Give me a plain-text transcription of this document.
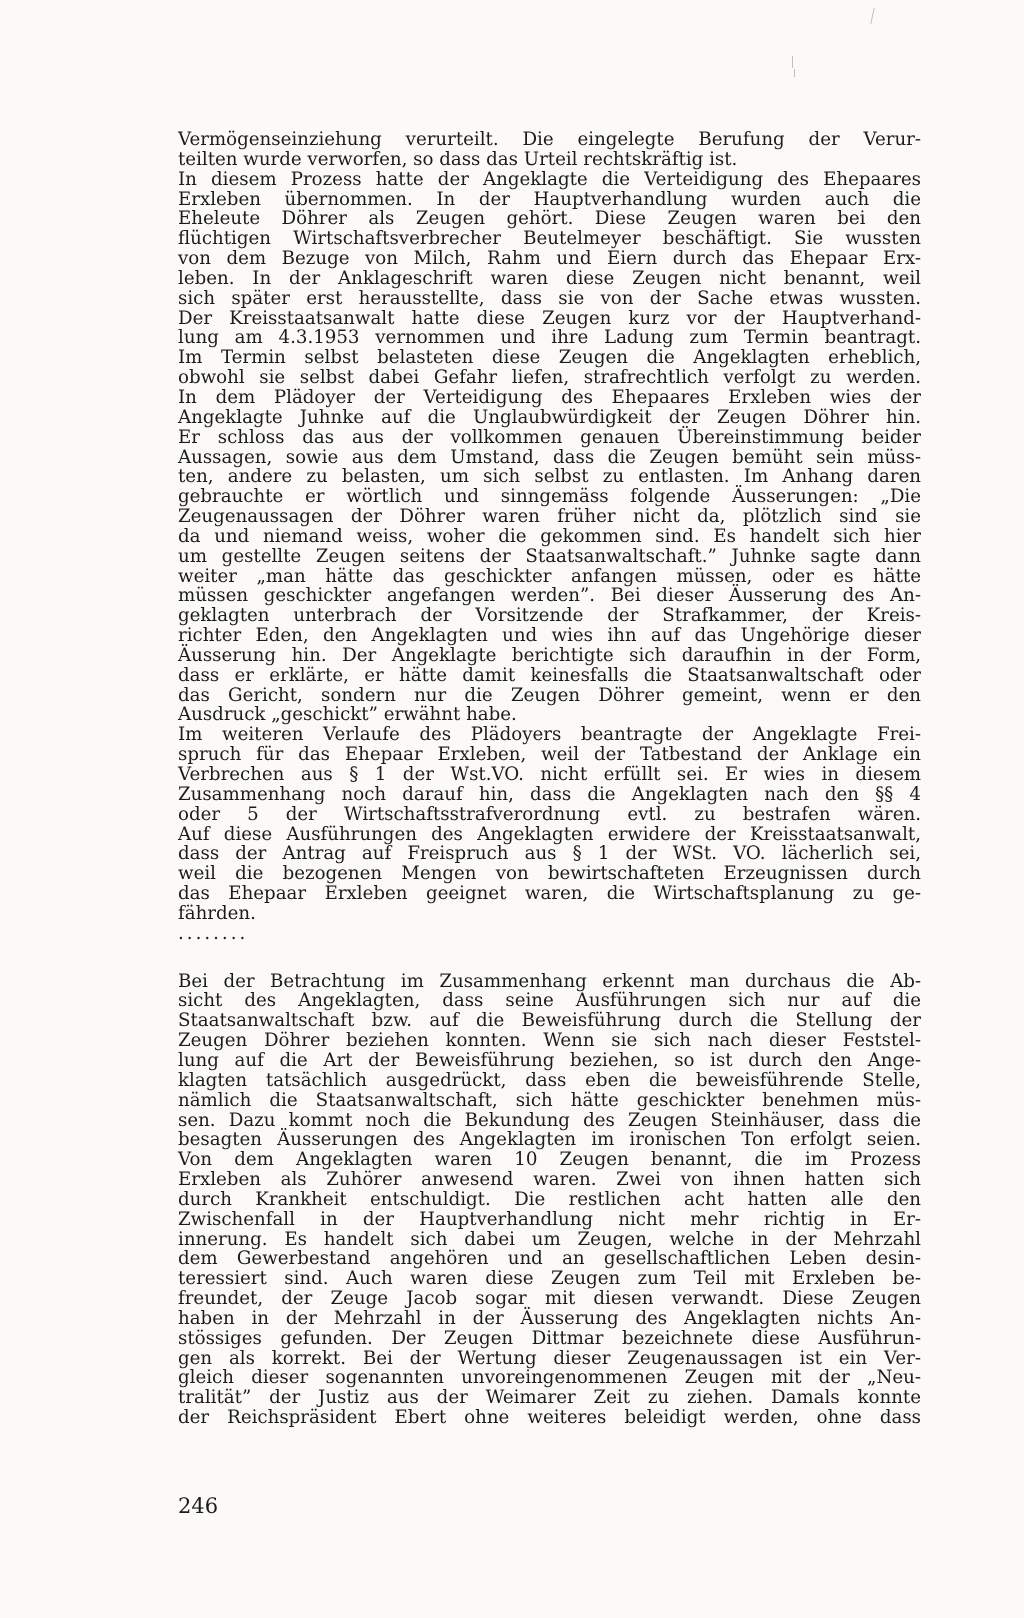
Vermögenseinziehung verurteilt. Die eingelegte Berufung der Verur-
teilten wurde verworfen, so dass das Urteil rechtskräftig ist.
In diesem Prozess hatte der Angeklagte die Verteidigung des Ehepaares
Erxleben übernommen. In der Hauptverhandlung wurden auch die
Eheleute Döhrer als Zeugen gehört. Diese Zeugen waren bei den
flüchtigen Wirtschaftsverbrecher Beutelmeyer beschäftigt. Sie wussten
von dem Bezuge von Milch, Rahm und Eiern durch das Ehepaar Erx-
leben. In der Anklageschrift waren diese Zeugen nicht benannt, weil
sich später erst herausstellte, dass sie von der Sache etwas wussten.
Der Kreisstaatsanwalt hatte diese Zeugen kurz vor der Hauptverhand-
lung am 4.3.1953 vernommen und ihre Ladung zum Termin beantragt.
Im Termin selbst belasteten diese Zeugen die Angeklagten erheblich,
obwohl sie selbst dabei Gefahr liefen, strafrechtlich verfolgt zu werden.
In dem Plädoyer der Verteidigung des Ehepaares Erxleben wies der
Angeklagte Juhnke auf die Unglaubwürdigkeit der Zeugen Döhrer hin.
Er schloss das aus der vollkommen genauen Übereinstimmung beider
Aussagen, sowie aus dem Umstand, dass die Zeugen bemüht sein müss-
ten, andere zu belasten, um sich selbst zu entlasten. Im Anhang daren
gebrauchte er wörtlich und sinngemäss folgende Äusserungen: „Die
Zeugenaussagen der Döhrer waren früher nicht da, plötzlich sind sie
da und niemand weiss, woher die gekommen sind. Es handelt sich hier
um gestellte Zeugen seitens der Staatsanwaltschaft.” Juhnke sagte dann
weiter „man hätte das geschickter anfangen müssen, oder es hätte
müssen geschickter angefangen werden”. Bei dieser Äusserung des An-
geklagten unterbrach der Vorsitzende der Strafkammer, der Kreis-
richter Eden, den Angeklagten und wies ihn auf das Ungehörige dieser
Äusserung hin. Der Angeklagte berichtigte sich daraufhin in der Form,
dass er erklärte, er hätte damit keinesfalls die Staatsanwaltschaft oder
das Gericht, sondern nur die Zeugen Döhrer gemeint, wenn er den
Ausdruck „geschickt” erwähnt habe.
Im weiteren Verlaufe des Plädoyers beantragte der Angeklagte Frei-
spruch für das Ehepaar Erxleben, weil der Tatbestand der Anklage ein
Verbrechen aus § 1 der Wst.VO. nicht erfüllt sei. Er wies in diesem
Zusammenhang noch darauf hin, dass die Angeklagten nach den §§ 4
oder 5 der Wirtschaftsstrafverordnung evtl. zu bestrafen wären.
Auf diese Ausführungen des Angeklagten erwidere der Kreisstaatsanwalt,
dass der Antrag auf Freispruch aus § 1 der WSt. VO. lächerlich sei,
weil die bezogenen Mengen von bewirtschafteten Erzeugnissen durch
das Ehepaar Erxleben geeignet waren, die Wirtschaftsplanung zu ge-
fährden.
........
Bei der Betrachtung im Zusammenhang erkennt man durchaus die Ab-
sicht des Angeklagten, dass seine Ausführungen sich nur auf die
Staatsanwaltschaft bzw. auf die Beweisführung durch die Stellung der
Zeugen Döhrer beziehen konnten. Wenn sie sich nach dieser Feststel-
lung auf die Art der Beweisführung beziehen, so ist durch den Ange-
klagten tatsächlich ausgedrückt, dass eben die beweisführende Stelle,
nämlich die Staatsanwaltschaft, sich hätte geschickter benehmen müs-
sen. Dazu kommt noch die Bekundung des Zeugen Steinhäuser, dass die
besagten Äusserungen des Angeklagten im ironischen Ton erfolgt seien.
Von dem Angeklagten waren 10 Zeugen benannt, die im Prozess
Erxleben als Zuhörer anwesend waren. Zwei von ihnen hatten sich
durch Krankheit entschuldigt. Die restlichen acht hatten alle den
Zwischenfall in der Hauptverhandlung nicht mehr richtig in Er-
innerung. Es handelt sich dabei um Zeugen, welche in der Mehrzahl
dem Gewerbestand angehören und an gesellschaftlichen Leben desin-
teressiert sind. Auch waren diese Zeugen zum Teil mit Erxleben be-
freundet, der Zeuge Jacob sogar mit diesen verwandt. Diese Zeugen
haben in der Mehrzahl in der Äusserung des Angeklagten nichts An-
stössiges gefunden. Der Zeugen Dittmar bezeichnete diese Ausführun-
gen als korrekt. Bei der Wertung dieser Zeugenaussagen ist ein Ver-
gleich dieser sogenannten unvoreingenommenen Zeugen mit der „Neu-
tralität” der Justiz aus der Weimarer Zeit zu ziehen. Damals konnte
der Reichspräsident Ebert ohne weiteres beleidigt werden, ohne dass
246
